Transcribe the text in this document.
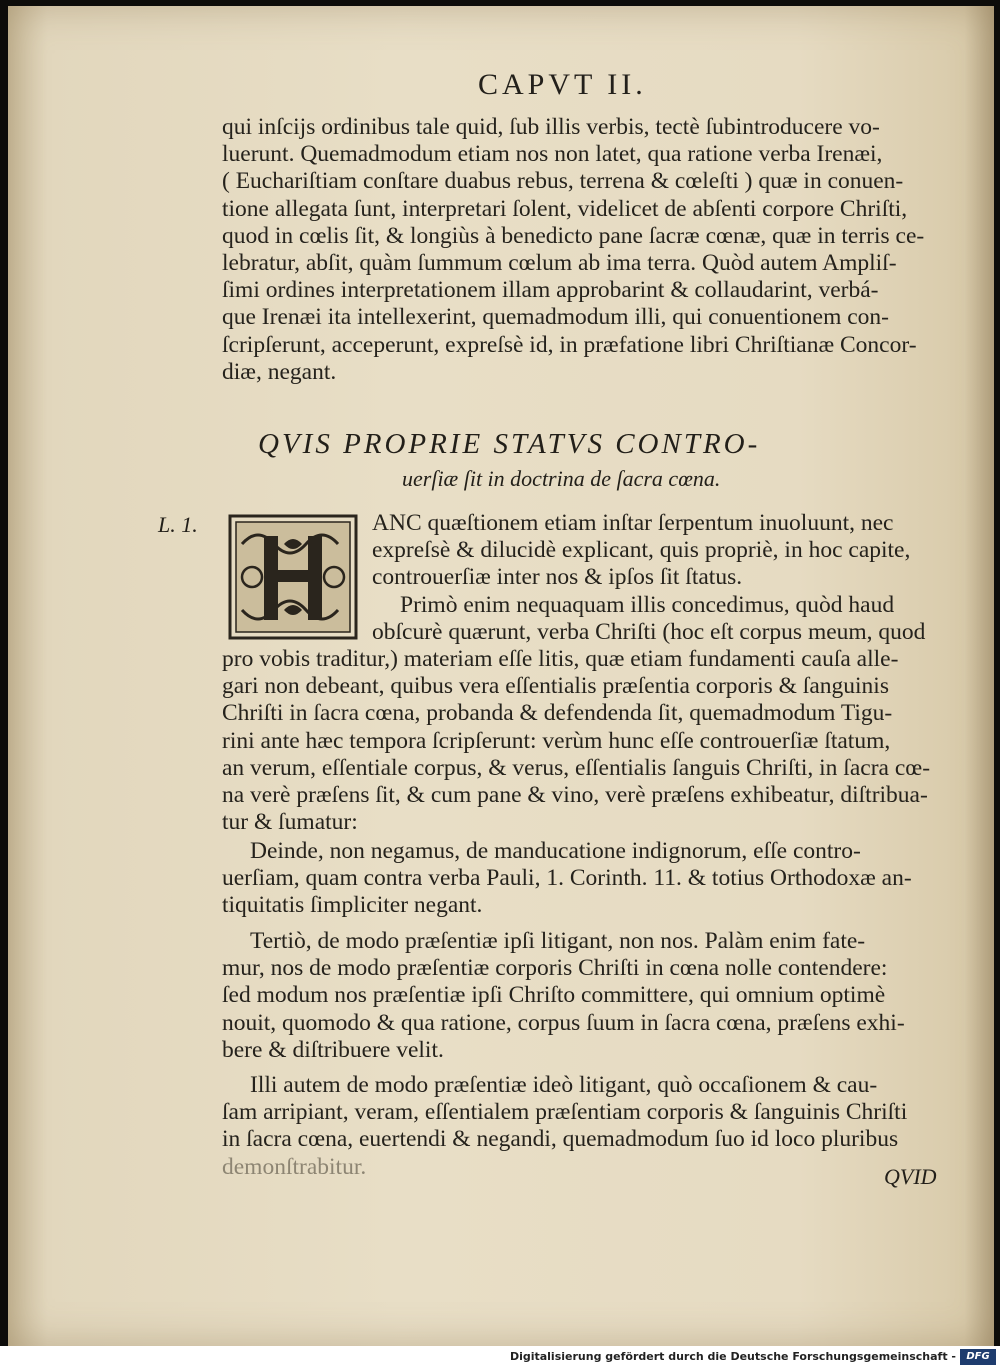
CAPVT II.
qui inſcijs ordinibus tale quid, ſub illis verbis, tectè ſubintroducere vo-
luerunt. Quemadmodum etiam nos non latet, qua ratione verba Irenæi,
( Euchariſtiam conſtare duabus rebus, terrena & cœleſti ) quæ in conuen-
tione allegata ſunt, interpretari ſolent, videlicet de abſenti corpore Chriſti,
quod in cœlis ſit, & longiùs à benedicto pane ſacræ cœnæ, quæ in terris ce-
lebratur, abſit, quàm ſummum cœlum ab ima terra. Quòd autem Ampliſ-
ſimi ordines interpretationem illam approbarint & collaudarint, verbá-
que Irenæi ita intellexerint, quemadmodum illi, qui conuentionem con-
ſcripſerunt, acceperunt, expreſsè id, in præfatione libri Chriſtianæ Concor-
diæ, negant.
QVIS PROPRIE STATVS CONTRO-
uerſiæ ſit in doctrina de ſacra cœna.
L. 1.	ANC quæſtionem etiam inſtar ſerpentum inuoluunt, nec
expreſsè & dilucidè explicant, quis propriè, in hoc capite,
controuerſiæ inter nos & ipſos ſit ſtatus.
Primò enim nequaquam illis concedimus, quòd haud
obſcurè quærunt, verba Chriſti (hoc eſt corpus meum, quod
pro vobis traditur,) materiam eſſe litis, quæ etiam fundamenti cauſa alle-
gari non debeant, quibus vera eſſentialis præſentia corporis & ſanguinis
Chriſti in ſacra cœna, probanda & defendenda ſit, quemadmodum Tigu-
rini ante hæc tempora ſcripſerunt: verùm hunc eſſe controuerſiæ ſtatum,
an verum, eſſentiale corpus, & verus, eſſentialis ſanguis Chriſti, in ſacra cœ-
na verè præſens ſit, & cum pane & vino, verè præſens exhibeatur, diſtribua-
tur & ſumatur:
Deinde, non negamus, de manducatione indignorum, eſſe contro-
uerſiam, quam contra verba Pauli, 1. Corinth. 11. & totius Orthodoxæ an-
tiquitatis ſimpliciter negant.
Tertiò, de modo præſentiæ ipſi litigant, non nos. Palàm enim fate-
mur, nos de modo præſentiæ corporis Chriſti in cœna nolle contendere:
ſed modum nos præſentiæ ipſi Chriſto committere, qui omnium optimè
nouit, quomodo & qua ratione, corpus ſuum in ſacra cœna, præſens exhi-
bere & diſtribuere velit.
Illi autem de modo præſentiæ ideò litigant, quò occaſionem & cau-
ſam arripiant, veram, eſſentialem præſentiam corporis & ſanguinis Chriſti
in ſacra cœna, euertendi & negandi, quemadmodum ſuo id loco pluribus
demonſtrabitur.	QVID
Digitalisierung gefördert durch die Deutsche Forschungsgemeinschaft -	DFG
